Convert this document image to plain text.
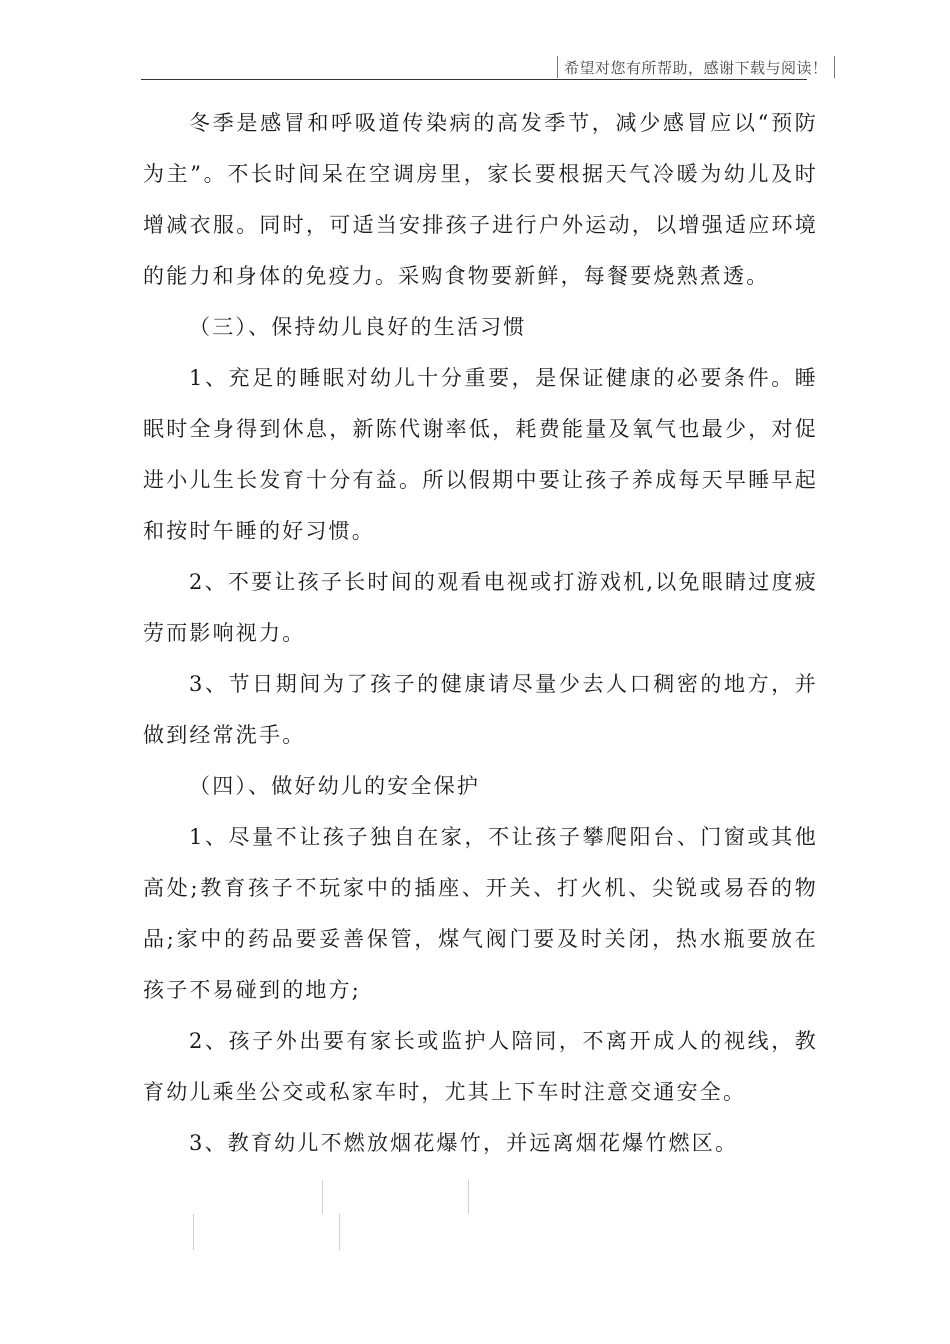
希望对您有所帮助，感谢下载与阅读！

冬季是感冒和呼吸道传染病的高发季节，减少感冒应以“预防为主”。不长时间呆在空调房里，家长要根据天气冷暖为幼儿及时增减衣服。同时，可适当安排孩子进行户外运动，以增强适应环境的能力和身体的免疫力。采购食物要新鲜，每餐要烧熟煮透。

（三）、保持幼儿良好的生活习惯

1、充足的睡眠对幼儿十分重要，是保证健康的必要条件。睡眠时全身得到休息，新陈代谢率低，耗费能量及氧气也最少，对促进小儿生长发育十分有益。所以假期中要让孩子养成每天早睡早起和按时午睡的好习惯。

2、不要让孩子长时间的观看电视或打游戏机,以免眼睛过度疲劳而影响视力。

3、节日期间为了孩子的健康请尽量少去人口稠密的地方，并做到经常洗手。

（四）、做好幼儿的安全保护

1、尽量不让孩子独自在家，不让孩子攀爬阳台、门窗或其他高处;教育孩子不玩家中的插座、开关、打火机、尖锐或易吞的物品;家中的药品要妥善保管，煤气阀门要及时关闭，热水瓶要放在孩子不易碰到的地方;

2、孩子外出要有家长或监护人陪同，不离开成人的视线，教育幼儿乘坐公交或私家车时，尤其上下车时注意交通安全。

3、教育幼儿不燃放烟花爆竹，并远离烟花爆竹燃区。
